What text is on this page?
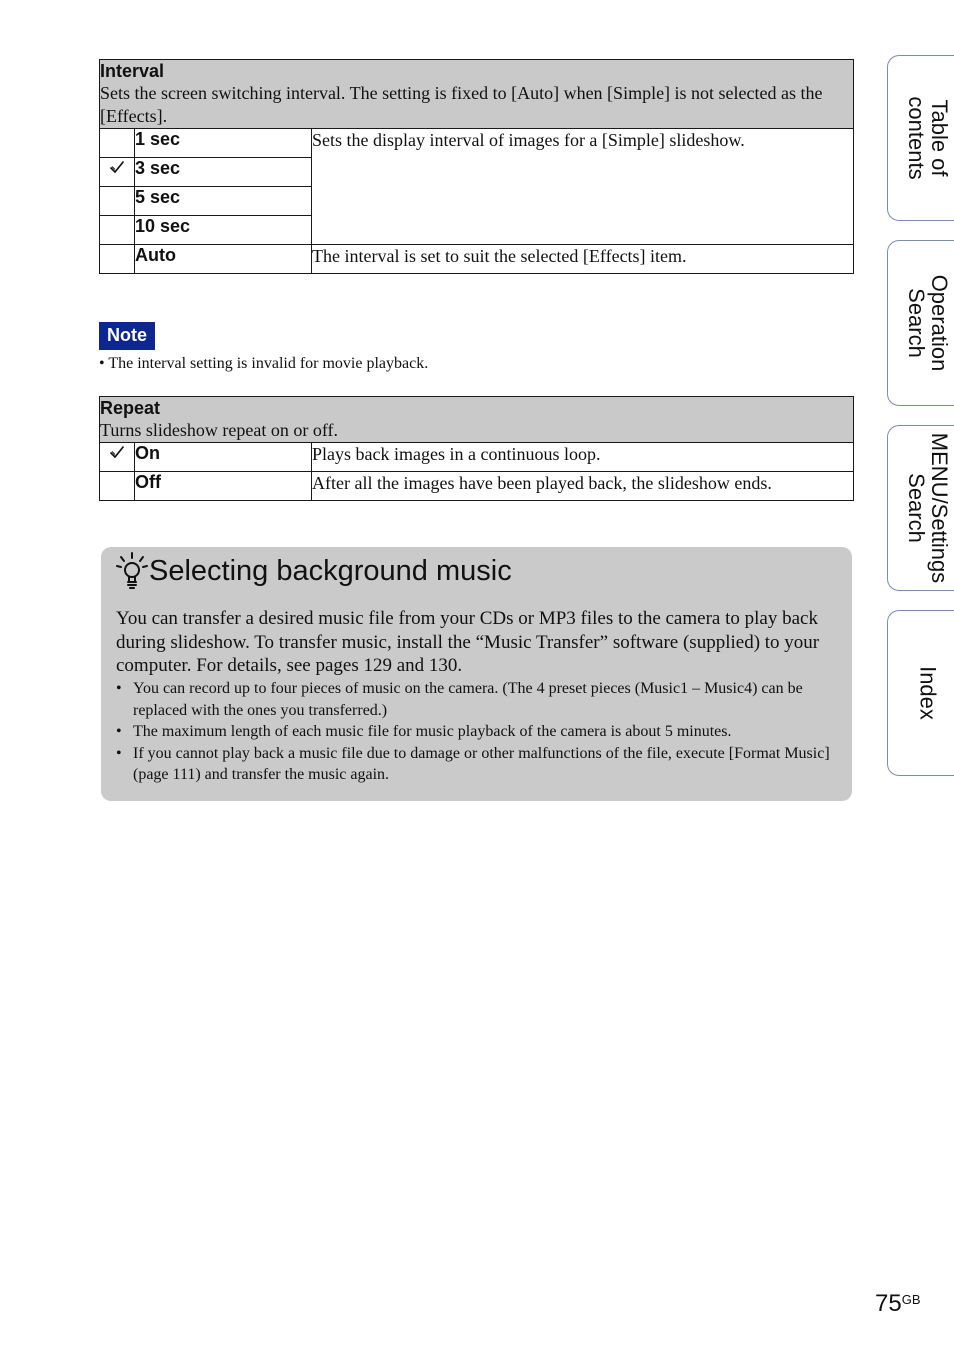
Interval
Sets the screen switching interval. The setting is fixed to [Auto] when [Simple] is not selected as the [Effects].		

	1 sec	Sets the display interval of images for a [Simple] slideshow.
	3 sec	
	5 sec	
	10 sec	
	Auto	The interval is set to suit the selected [Effects] item.
Note
• The interval setting is invalid for movie playback.
Repeat
Turns slideshow repeat on or off.		

	On	Plays back images in a continuous loop.
	Off	After all the images have been played back, the slideshow ends.
Selecting background music
You can transfer a desired music file from your CDs or MP3 files to the camera to play back during slideshow. To transfer music, install the “Music Transfer” software (supplied) to your computer. For details, see pages 129 and 130.
• You can record up to four pieces of music on the camera. (The 4 preset pieces (Music1 – Music4) can be replaced with the ones you transferred.)
• The maximum length of each music file for music playback of the camera is about 5 minutes.
• If you cannot play back a music file due to damage or other malfunctions of the file, execute [Format Music] (page 111) and transfer the music again.
Table of contents
Operation Search
MENU/Settings Search
Index
$75^{GB}$
